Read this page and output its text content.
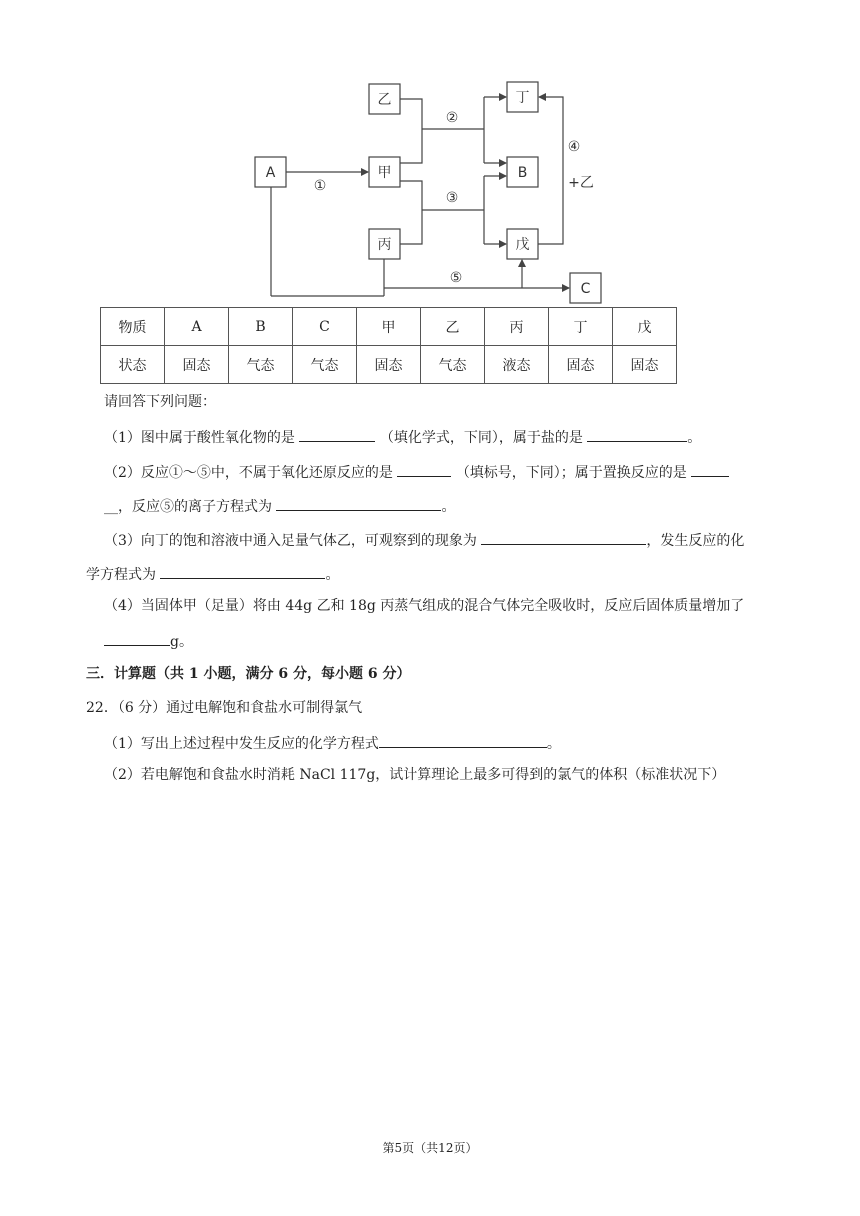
A	甲
乙
丙
丁
B
戊
C
①
②
③
④
+乙
⑤
物质	A	B	C	甲	乙	丙	丁	戊
状态	固态	气态	气态	固态	气态	液态	固态	固态
请回答下列问题：
（1）图中属于酸性氧化物的是	（填化学式，下同），属于盐的是	。
（2）反应①～⑤中，不属于氧化还原反应的是	（填标号，下同）；属于置换反应的是
__，反应⑤的离子方程式为	。
（3）向丁的饱和溶液中通入足量气体乙，可观察到的现象为	，发生反应的化
学方程式为	。
（4）当固体甲（足量）将由 44g 乙和 18g 丙蒸气组成的混合气体完全吸收时，反应后固体质量增加了
g。
三．计算题（共 1 小题，满分 6 分，每小题 6 分）
22．（6 分）通过电解饱和食盐水可制得氯气
（1）写出上述过程中发生反应的化学方程式	。
（2）若电解饱和食盐水时消耗 NaCl 117g，试计算理论上最多可得到的氯气的体积（标准状况下）
第5页（共12页）
